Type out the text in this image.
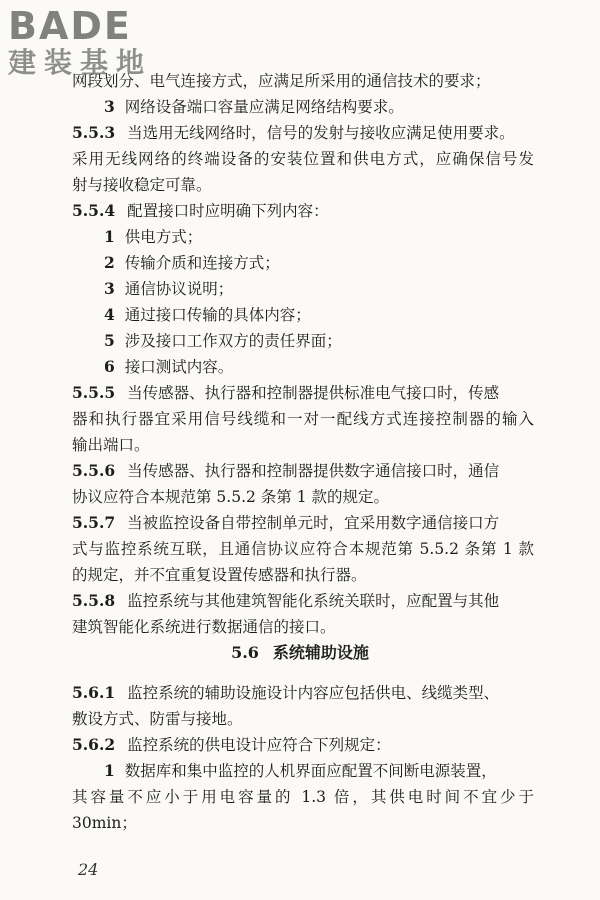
BADE
建装基地
网段划分、电气连接方式，应满足所采用的通信技术的要求；
3 网络设备端口容量应满足网络结构要求。
5.5.3 当选用无线网络时，信号的发射与接收应满足使用要求。
采用无线网络的终端设备的安装位置和供电方式，应确保信号发
射与接收稳定可靠。
5.5.4 配置接口时应明确下列内容：
1 供电方式；
2 传输介质和连接方式；
3 通信协议说明；
4 通过接口传输的具体内容；
5 涉及接口工作双方的责任界面；
6 接口测试内容。
5.5.5 当传感器、执行器和控制器提供标准电气接口时，传感
器和执行器宜采用信号线缆和一对一配线方式连接控制器的输入
输出端口。
5.5.6 当传感器、执行器和控制器提供数字通信接口时，通信
协议应符合本规范第 5.5.2 条第 1 款的规定。
5.5.7 当被监控设备自带控制单元时，宜采用数字通信接口方
式与监控系统互联，且通信协议应符合本规范第 5.5.2 条第 1 款
的规定，并不宜重复设置传感器和执行器。
5.5.8 监控系统与其他建筑智能化系统关联时，应配置与其他
建筑智能化系统进行数据通信的接口。
5.6 系统辅助设施
5.6.1 监控系统的辅助设施设计内容应包括供电、线缆类型、
敷设方式、防雷与接地。
5.6.2 监控系统的供电设计应符合下列规定：
1 数据库和集中监控的人机界面应配置不间断电源装置，
其容量不应小于用电容量的 1.3 倍，其供电时间不宜少于
30min；
24
